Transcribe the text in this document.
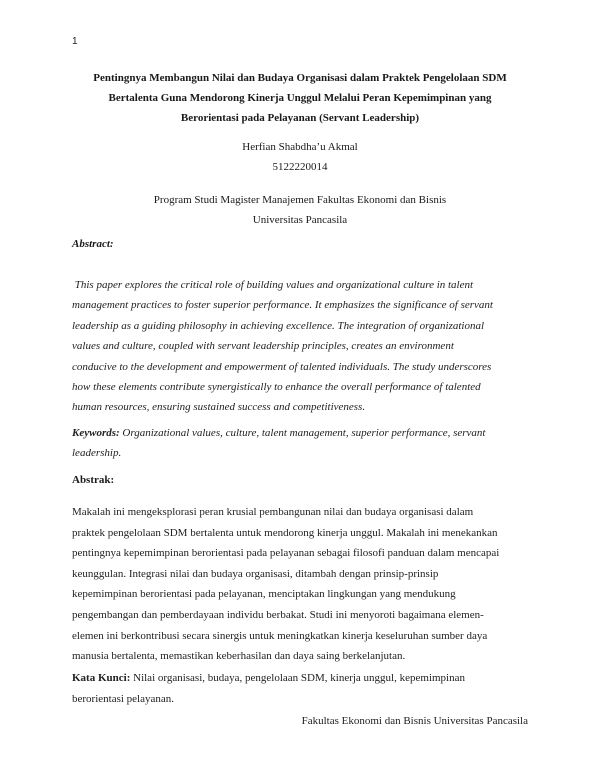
1
Pentingnya Membangun Nilai dan Budaya Organisasi dalam Praktek Pengelolaan SDM
Bertalenta Guna Mendorong Kinerja Unggul Melalui Peran Kepemimpinan yang
Berorientasi pada Pelayanan (Servant Leadership)
Herfian Shabdha’u Akmal
5122220014
Program Studi Magister Manajemen Fakultas Ekonomi dan Bisnis
Universitas Pancasila
Abstract:
This paper explores the critical role of building values and organizational culture in talent
management practices to foster superior performance. It emphasizes the significance of servant
leadership as a guiding philosophy in achieving excellence. The integration of organizational
values and culture, coupled with servant leadership principles, creates an environment
conducive to the development and empowerment of talented individuals. The study underscores
how these elements contribute synergistically to enhance the overall performance of talented
human resources, ensuring sustained success and competitiveness.
Keywords: Organizational values, culture, talent management, superior performance, servant
leadership.
Abstrak:
Makalah ini mengeksplorasi peran krusial pembangunan nilai dan budaya organisasi dalam
praktek pengelolaan SDM bertalenta untuk mendorong kinerja unggul. Makalah ini menekankan
pentingnya kepemimpinan berorientasi pada pelayanan sebagai filosofi panduan dalam mencapai
keunggulan. Integrasi nilai dan budaya organisasi, ditambah dengan prinsip-prinsip
kepemimpinan berorientasi pada pelayanan, menciptakan lingkungan yang mendukung
pengembangan dan pemberdayaan individu berbakat. Studi ini menyoroti bagaimana elemen-
elemen ini berkontribusi secara sinergis untuk meningkatkan kinerja keseluruhan sumber daya
manusia bertalenta, memastikan keberhasilan dan daya saing berkelanjutan.
Kata Kunci: Nilai organisasi, budaya, pengelolaan SDM, kinerja unggul, kepemimpinan
berorientasi pelayanan.
Fakultas Ekonomi dan Bisnis Universitas Pancasila
